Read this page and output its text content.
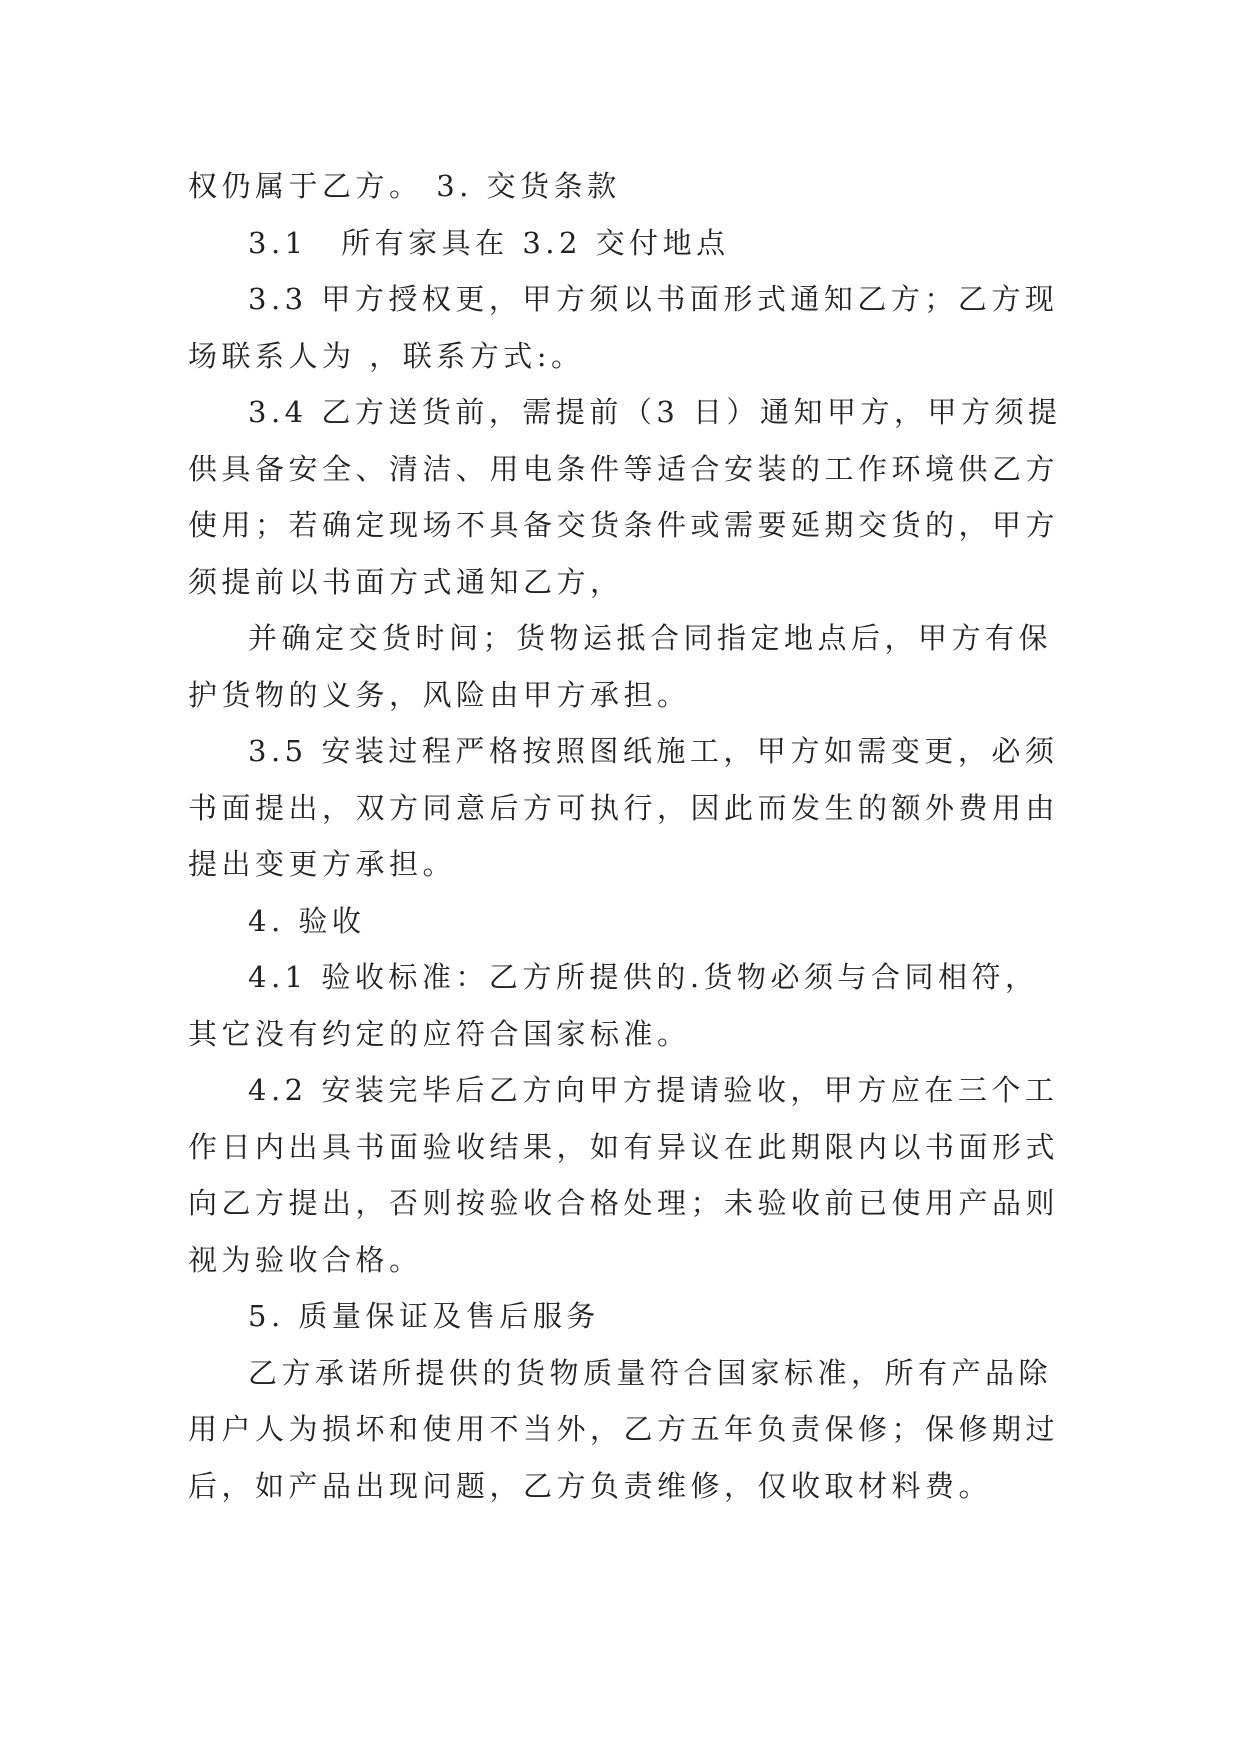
权仍属于乙方。 3. 交货条款
3.1　所有家具在 3.2 交付地点
3.3 甲方授权更，甲方须以书面形式通知乙方；乙方现
场联系人为 ，联系方式:。
3.4 乙方送货前，需提前（3 日）通知甲方，甲方须提
供具备安全、清洁、用电条件等适合安装的工作环境供乙方
使用；若确定现场不具备交货条件或需要延期交货的，甲方
须提前以书面方式通知乙方，
并确定交货时间；货物运抵合同指定地点后，甲方有保
护货物的义务，风险由甲方承担。
3.5 安装过程严格按照图纸施工，甲方如需变更，必须
书面提出，双方同意后方可执行，因此而发生的额外费用由
提出变更方承担。
4. 验收
4.1 验收标准：乙方所提供的.货物必须与合同相符，
其它没有约定的应符合国家标准。
4.2 安装完毕后乙方向甲方提请验收，甲方应在三个工
作日内出具书面验收结果，如有异议在此期限内以书面形式
向乙方提出，否则按验收合格处理；未验收前已使用产品则
视为验收合格。
5. 质量保证及售后服务
乙方承诺所提供的货物质量符合国家标准，所有产品除
用户人为损坏和使用不当外，乙方五年负责保修；保修期过
后，如产品出现问题，乙方负责维修，仅收取材料费。
